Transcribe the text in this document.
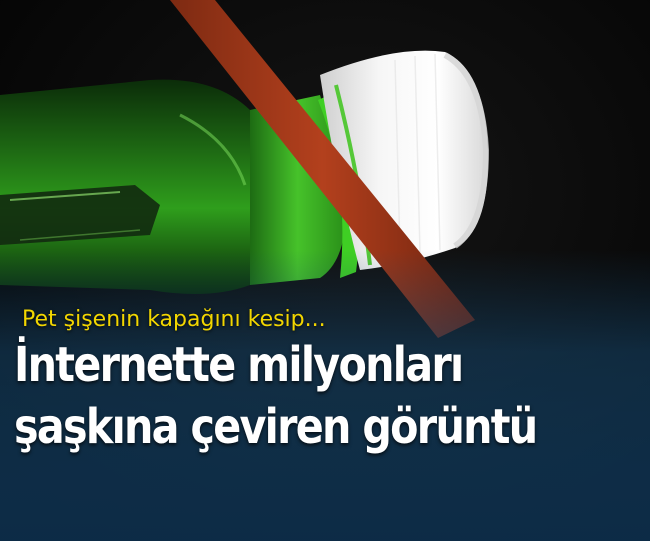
Pet şişenin kapağını kesip...

İnternette milyonları
şaşkına çeviren görüntü
